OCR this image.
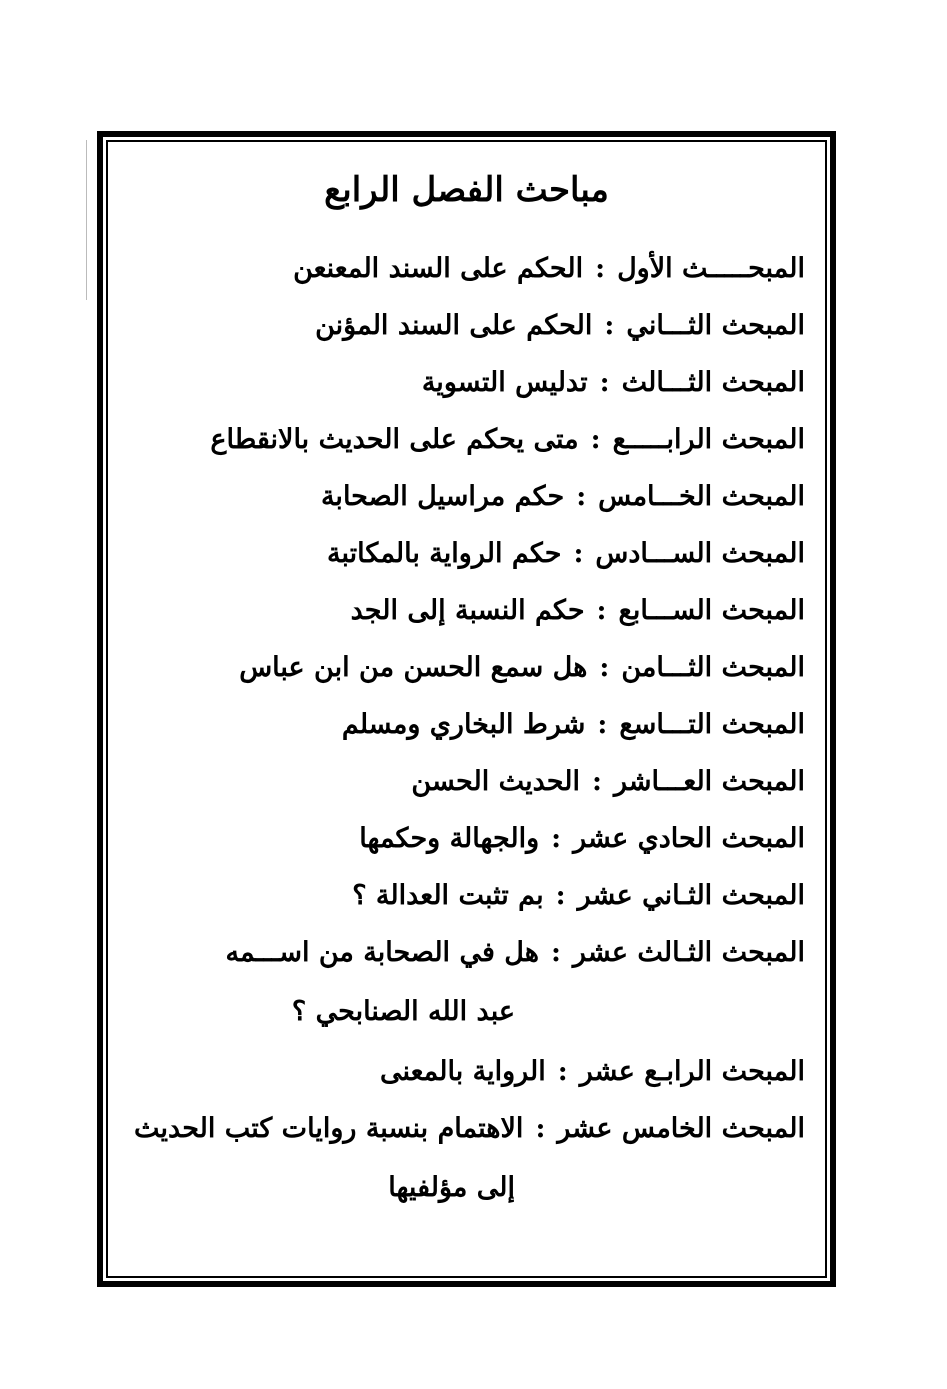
مباحث الفصل الرابع
المبحـــــث الأول
:
الحكم على السند المعنعن
المبحث الثـــاني
:
الحكم على السند المؤنن
المبحث الثـــالث
:
تدليس التسوية
المبحث الرابـــــع
:
متى يحكم على الحديث بالانقطاع
المبحث الخـــامس
:
حكم مراسيل الصحابة
المبحث الســـادس
:
حكم الرواية بالمكاتبة
المبحث الســـابع
:
حكم النسبة إلى الجد
المبحث الثـــامن
:
هل سمع الحسن من ابن عباس
المبحث التـــاسع
:
شرط البخاري ومسلم
المبحث العـــاشر
:
الحديث الحسن
المبحث الحادي عشر
:
والجهالة وحكمها
المبحث الثـاني عشر
:
بم تثبت العدالة ؟
المبحث الثـالث عشر
:
هل في الصحابة من اســـمه
عبد الله الصنابحي ؟
المبحث الرابـع عشر
:
الرواية بالمعنى
المبحث الخامس عشر
:
الاهتمام بنسبة روايات كتب الحديث
إلى مؤلفيها
